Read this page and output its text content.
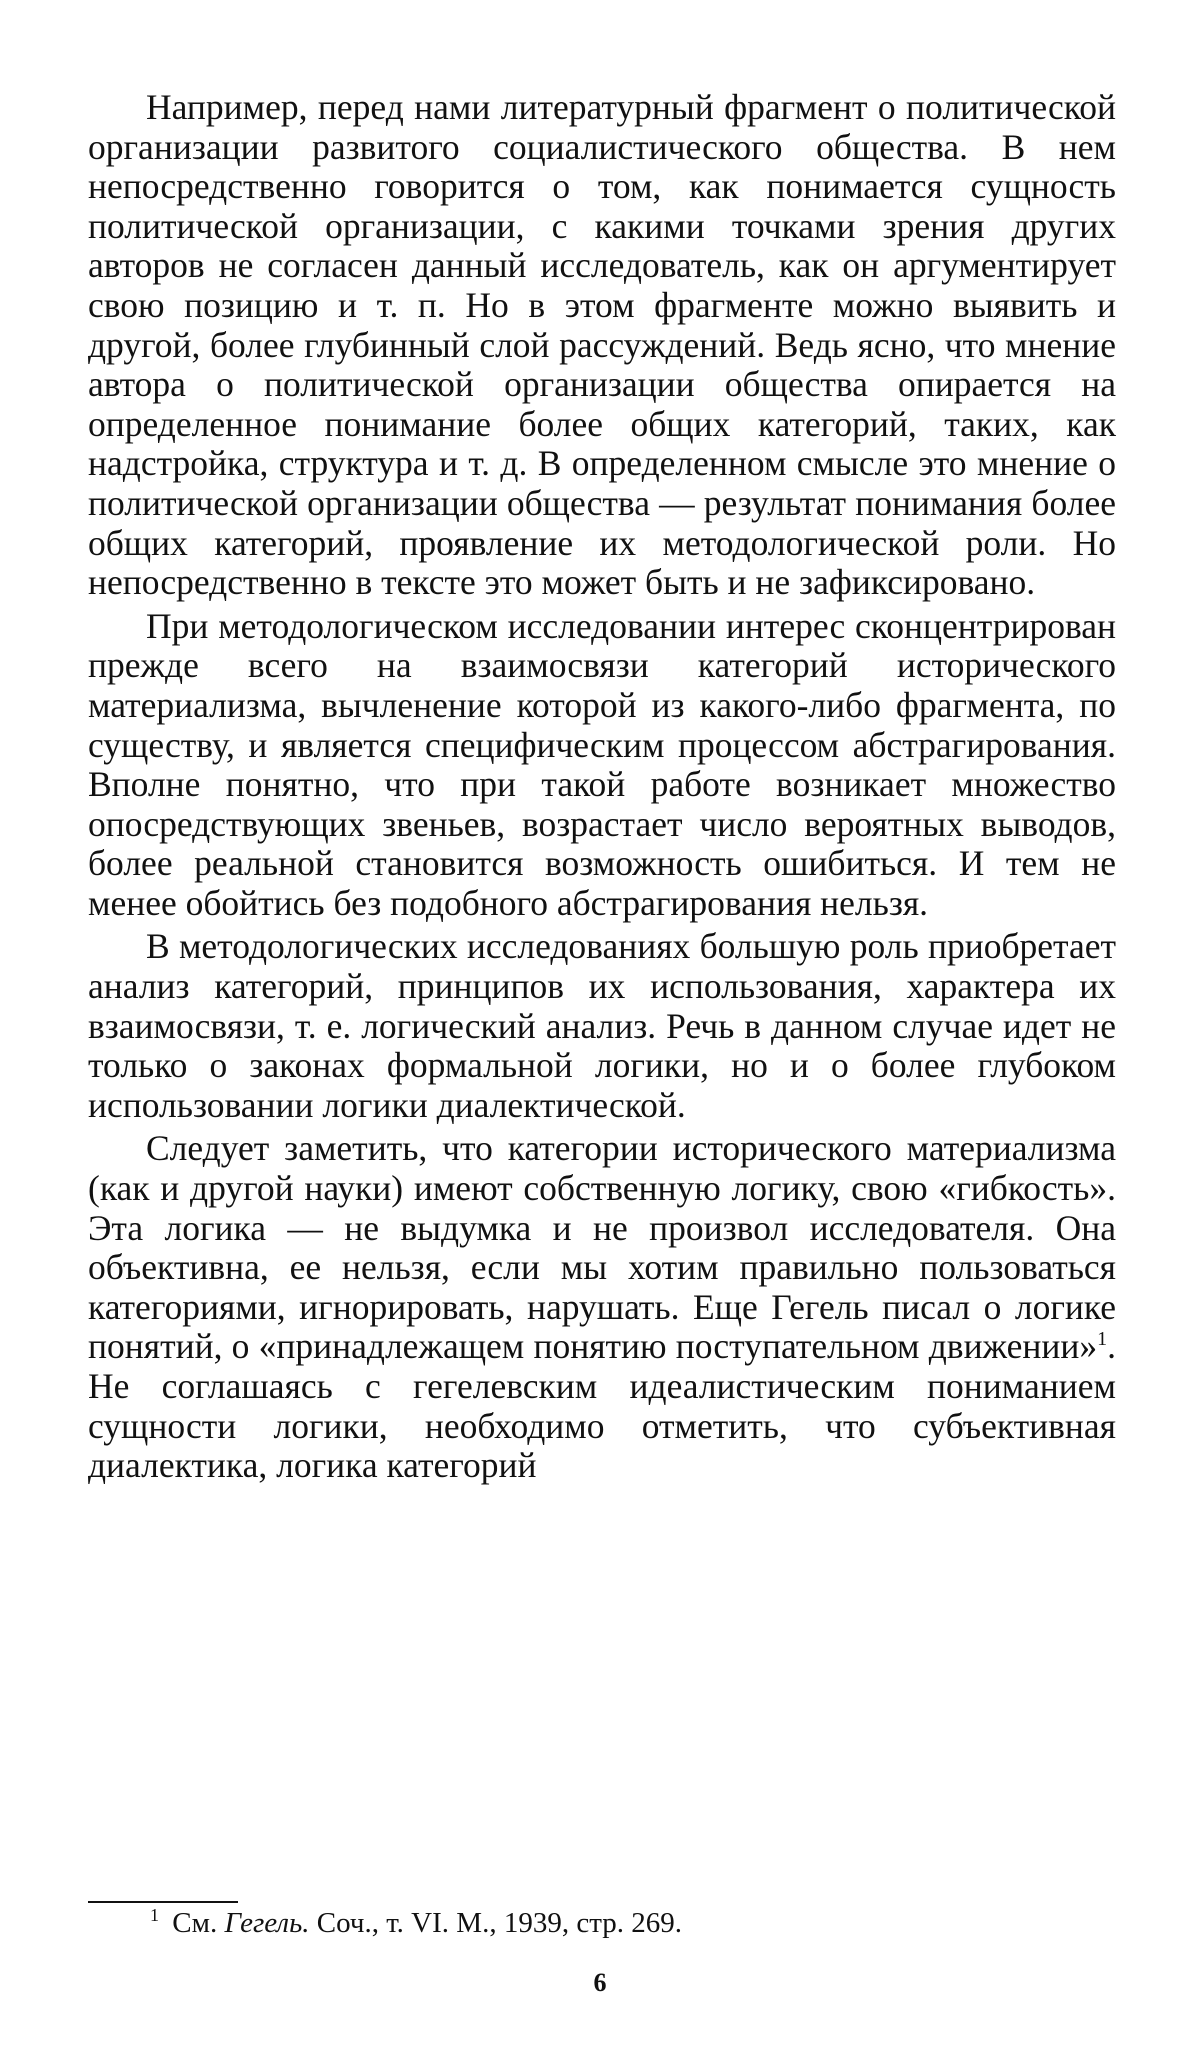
Например, перед нами литературный фрагмент о политической организации развитого социалистического общества. В нем непосредственно говорится о том, как понимается сущность политической организации, с какими точками зрения других авторов не согласен данный исследователь, как он аргументирует свою позицию и т. п. Но в этом фрагменте можно выявить и другой, более глубинный слой рассуждений. Ведь ясно, что мнение автора о политической организации общества опирается на определенное понимание более общих категорий, таких, как надстройка, структура и т. д. В определенном смысле это мнение о политической организации общества — результат понимания более общих категорий, проявление их методологической роли. Но непосредственно в тексте это может быть и не зафиксировано.

При методологическом исследовании интерес сконцентрирован прежде всего на взаимосвязи категорий исторического материализма, вычленение которой из какого-либо фрагмента, по существу, и является специфическим процессом абстрагирования. Вполне понятно, что при такой работе возникает множество опосредствующих звеньев, возрастает число вероятных выводов, более реальной становится возможность ошибиться. И тем не менее обойтись без подобного абстрагирования нельзя.

В методологических исследованиях большую роль приобретает анализ категорий, принципов их использования, характера их взаимосвязи, т. е. логический анализ. Речь в данном случае идет не только о законах формальной логики, но и о более глубоком использовании логики диалектической.

Следует заметить, что категории исторического материализма (как и другой науки) имеют собственную логику, свою «гибкость». Эта логика — не выдумка и не произвол исследователя. Она объективна, ее нельзя, если мы хотим правильно пользоваться категориями, игнорировать, нарушать. Еще Гегель писал о логике понятий, о «принадлежащем понятию поступательном движении»$^1$. Не соглашаясь с гегелевским идеалистическим пониманием сущности логики, необходимо отметить, что субъективная диалектика, логика категорий

$^1$ См. Гегель. Соч., т. VI. М., 1939, стр. 269.

6
